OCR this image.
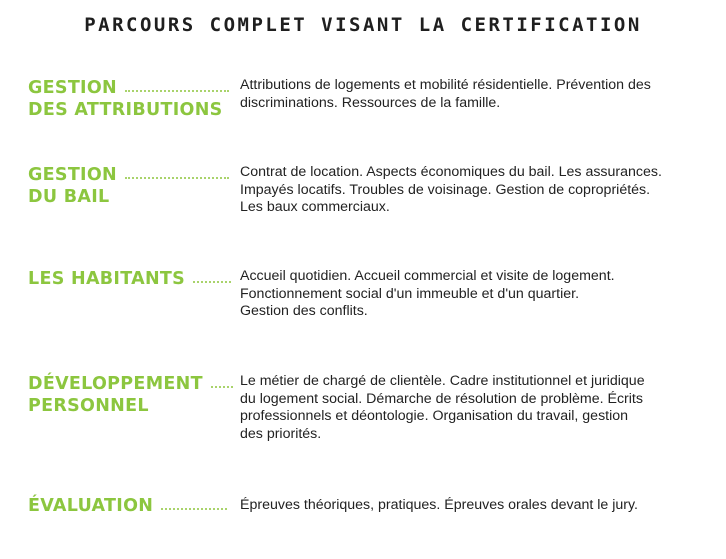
PARCOURS COMPLET VISANT LA CERTIFICATION
GESTION
DES ATTRIBUTIONS
Attributions de logements et mobilité résidentielle. Prévention des
discriminations. Ressources de la famille.
GESTION
DU BAIL
Contrat de location. Aspects économiques du bail. Les assurances.
Impayés locatifs. Troubles de voisinage. Gestion de copropriétés.
Les baux commerciaux.
LES HABITANTS	Accueil quotidien. Accueil commercial et visite de logement.
Fonctionnement social d'un immeuble et d'un quartier.
Gestion des conflits.
DÉVELOPPEMENT
PERSONNEL
Le métier de chargé de clientèle. Cadre institutionnel et juridique
du logement social. Démarche de résolution de problème. Écrits
professionnels et déontologie. Organisation du travail, gestion
des priorités.
ÉVALUATION	Épreuves théoriques, pratiques. Épreuves orales devant le jury.
